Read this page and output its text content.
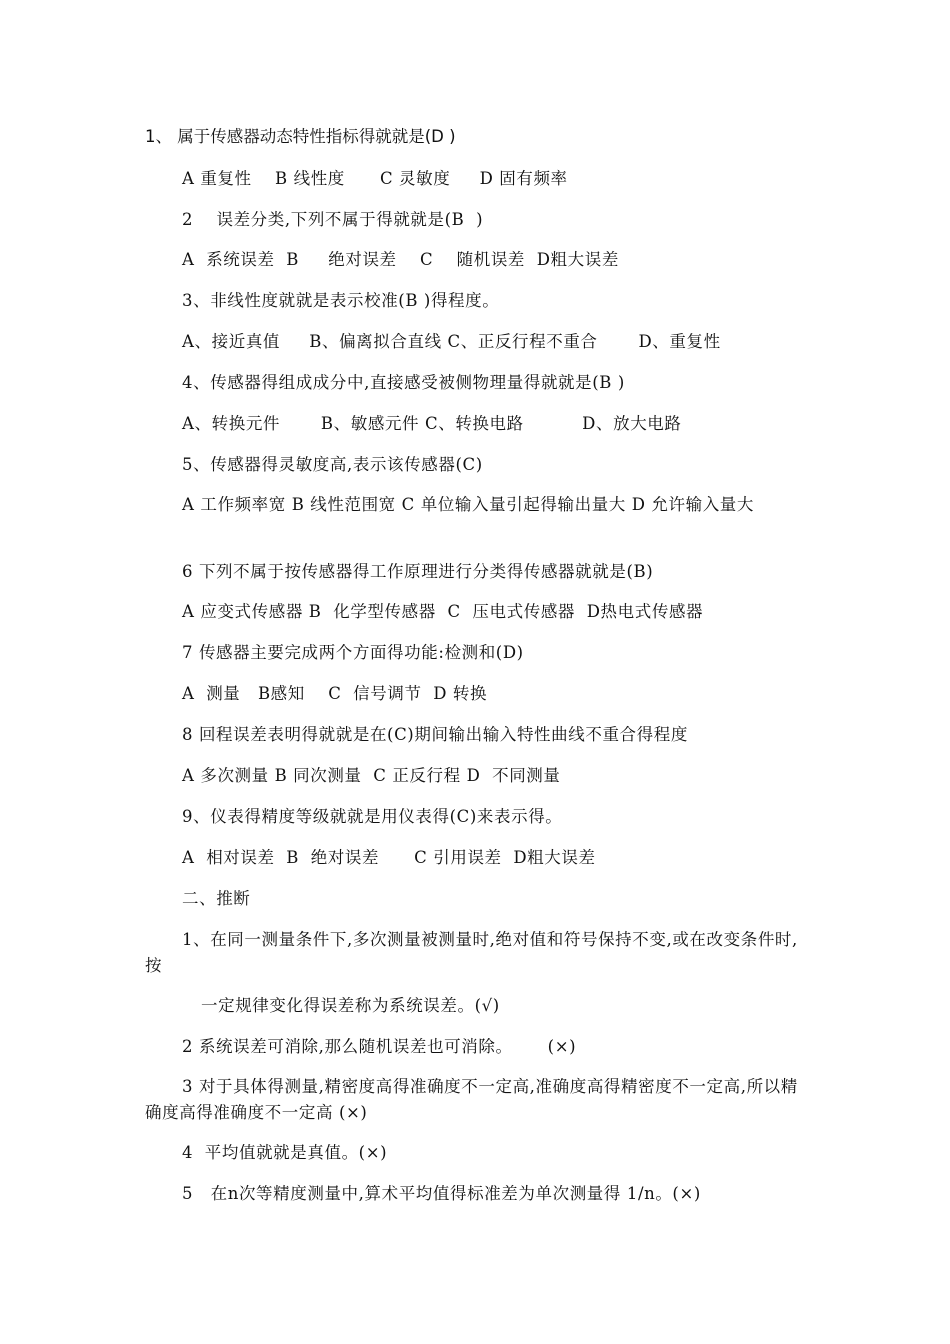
1、 属于传感器动态特性指标得就就是(D )
A 重复性    B 线性度      C 灵敏度     D 固有频率
2    误差分类,下列不属于得就就是(B  )
A  系统误差  B     绝对误差    C    随机误差  D粗大误差
3、非线性度就就是表示校准(B )得程度。
A、接近真值     B、偏离拟合直线 C、正反行程不重合       D、重复性
4、传感器得组成成分中,直接感受被侧物理量得就就是(B )
A、转换元件       B、敏感元件 C、转换电路          D、放大电路
5、传感器得灵敏度高,表示该传感器(C)
A 工作频率宽 B 线性范围宽 C 单位输入量引起得输出量大 D 允许输入量大
6 下列不属于按传感器得工作原理进行分类得传感器就就是(B)
A 应变式传感器 B  化学型传感器  C  压电式传感器  D热电式传感器
7 传感器主要完成两个方面得功能:检测和(D)
A  测量   B感知    C  信号调节  D 转换
8 回程误差表明得就就是在(C)期间输出输入特性曲线不重合得程度
A 多次测量 B 同次测量  C 正反行程 D  不同测量
9、仪表得精度等级就就是用仪表得(C)来表示得。
A  相对误差  B  绝对误差      C 引用误差  D粗大误差
二、推断
1、在同一测量条件下,多次测量被测量时,绝对值和符号保持不变,或在改变条件时,按
一定规律变化得误差称为系统误差。(√)
2 系统误差可消除,那么随机误差也可消除。      (×)
3 对于具体得测量,精密度高得准确度不一定高,准确度高得精密度不一定高,所以精确度高得准确度不一定高 (×)
4  平均值就就是真值。(×)
5   在n次等精度测量中,算术平均值得标准差为单次测量得 1/n。(×)
